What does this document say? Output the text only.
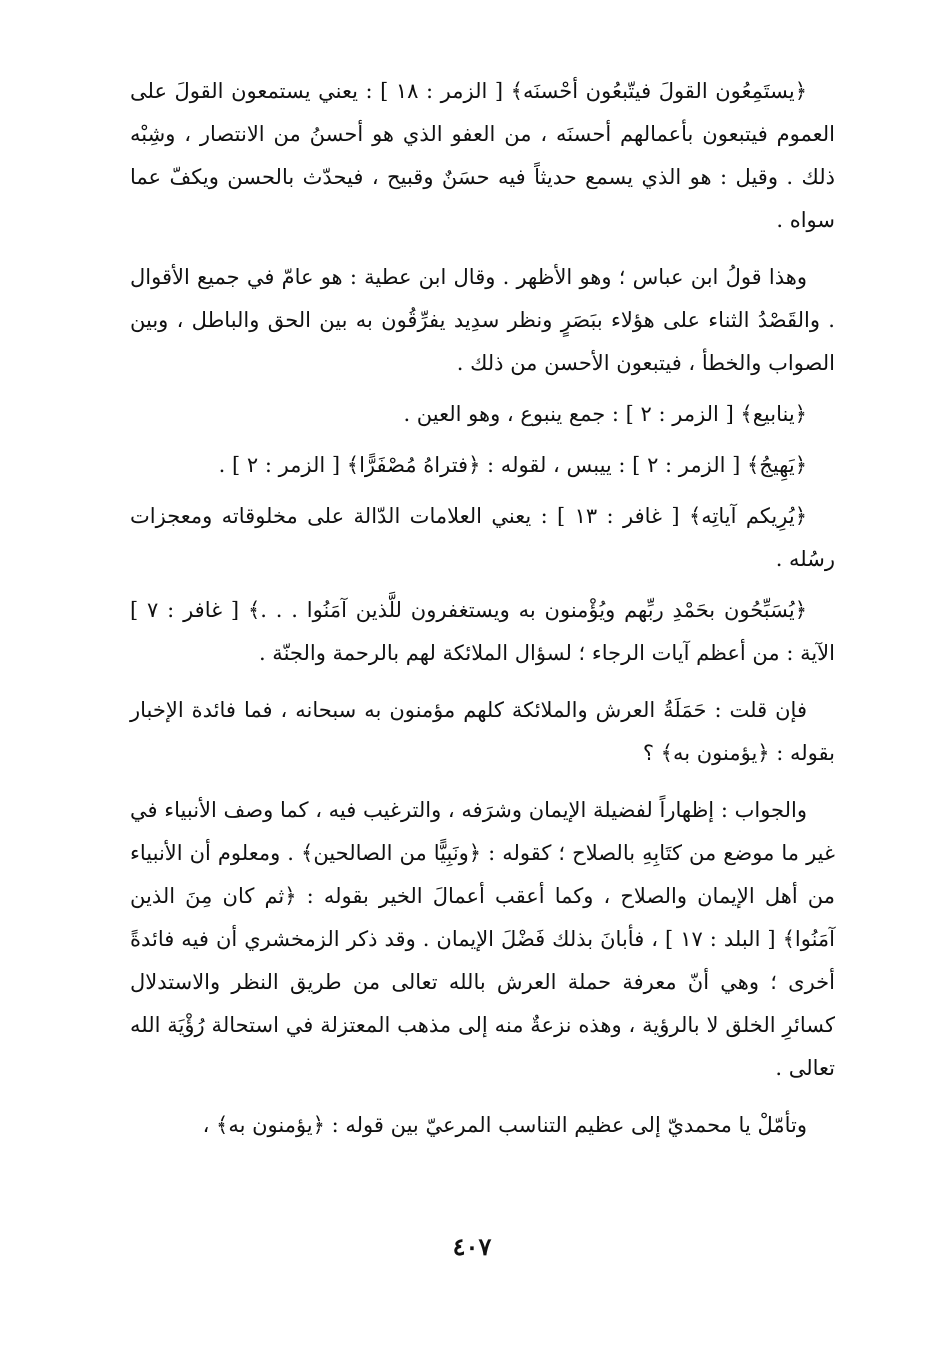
﴿يستَمِعُون القولَ فيتّبعُون أحْسنَه﴾ [ الزمر : ١٨ ] : يعني يستمعون القولَ على العموم فيتبعون بأعمالهم أحسنَه ، من العفو الذي هو أحسنُ من الانتصار ، وشِبْه ذلك . وقيل : هو الذي يسمع حديثاً فيه حسَنٌ وقبيح ، فيحدّث بالحسن ويكفّ عما سواه .

وهذا قولُ ابن عباس ؛ وهو الأظهر . وقال ابن عطية : هو عامّ في جميع الأقوال . والقَصْدُ الثناء على هؤلاء ببَصَرٍ ونظر سدِيد يفرِّقُون به بين الحق والباطل ، وبين الصواب والخطأ ، فيتبعون الأحسن من ذلك .

﴿ينابيع﴾ [ الزمر : ٢ ] : جمع ينبوع ، وهو العين .

﴿يَهِيجُ﴾ [ الزمر : ٢ ] : ييبس ، لقوله : ﴿فتراهُ مُصْفَرًّا﴾ [ الزمر : ٢ ] .

﴿يُرِيكم آياتِه﴾ [ غافر : ١٣ ] : يعني العلامات الدّالة على مخلوقاته ومعجزات رسُله .

﴿يُسَبِّحُون بحَمْدِ ربِّهم ويُؤْمنون به ويستغفرون للَّذين آمَنُوا . . .﴾ [ غافر : ٧ ] الآية : من أعظم آيات الرجاء ؛ لسؤال الملائكة لهم بالرحمة والجنّة .

فإن قلت : حَمَلَةُ العرش والملائكة كلهم مؤمنون به سبحانه ، فما فائدة الإخبار بقوله : ﴿يؤمنون به﴾ ؟

والجواب : إظهاراً لفضيلة الإيمان وشرَفه ، والترغيب فيه ، كما وصف الأنبياء في غير ما موضع من كتَابِهِ بالصلاح ؛ كقوله : ﴿ونَبِيًّا من الصالحين﴾ . ومعلوم أن الأنبياء من أهل الإيمان والصلاح ، وكما أعقب أعمالَ الخير بقوله : ﴿ثم كان مِنَ الذين آمَنُوا﴾ [ البلد : ١٧ ] ، فأبانَ بذلك فَضْلَ الإيمان . وقد ذكر الزمخشري أن فيه فائدةً أخرى ؛ وهي أنّ معرفة حملة العرش بالله تعالى من طريق النظر والاستدلال كسائرِ الخلق لا بالرؤية ، وهذه نزعةٌ منه إلى مذهب المعتزلة في استحالة رُؤْيَة الله تعالى .

وتأمّلْ يا محمديّ إلى عظيم التناسب المرعيّ بين قوله : ﴿يؤمنون به﴾ ،

٤٠٧
